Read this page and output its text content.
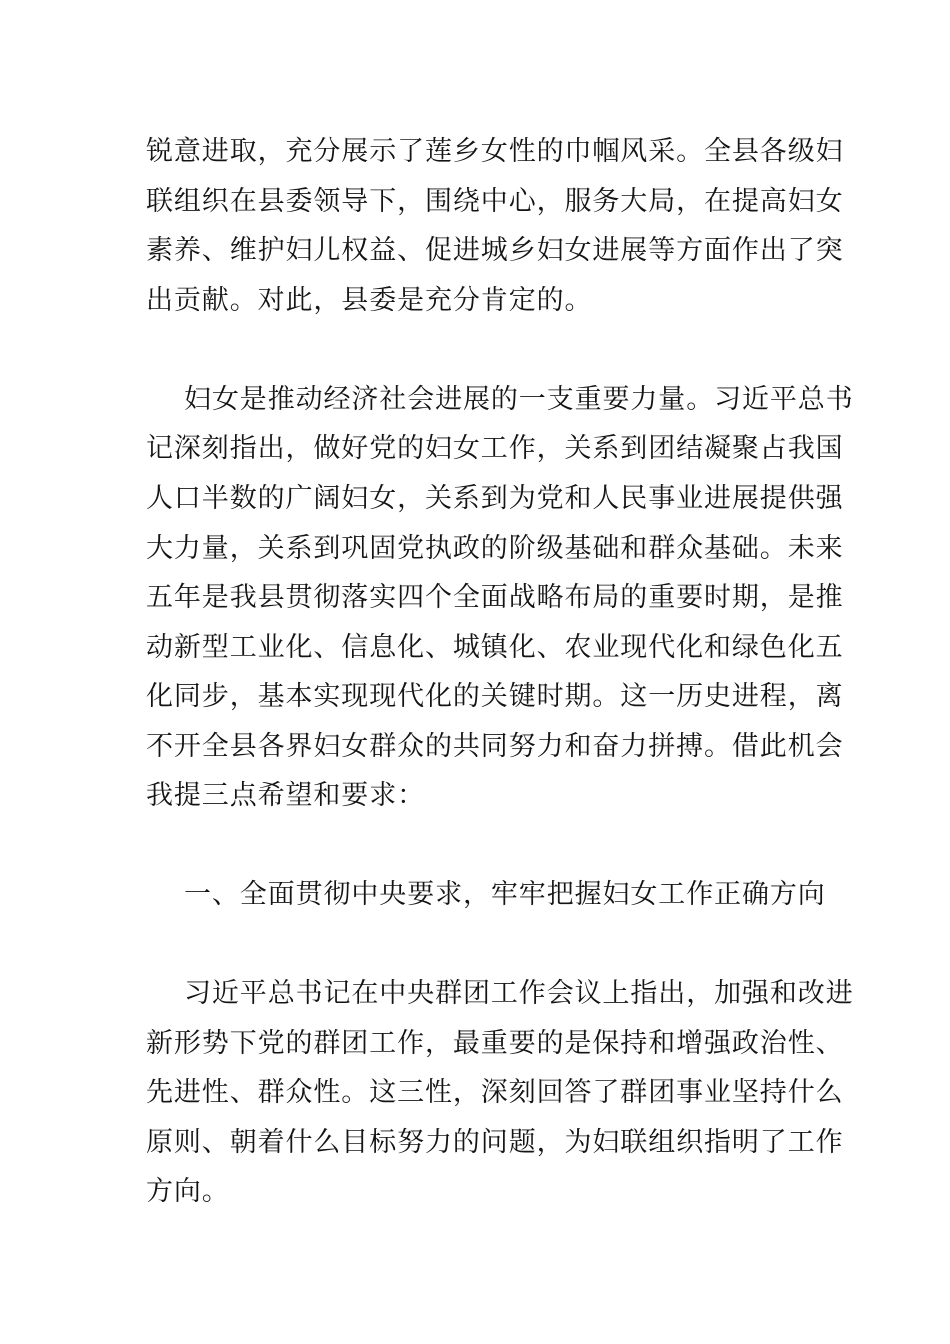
锐意进取，充分展示了莲乡女性的巾帼风采。全县各级妇
联组织在县委领导下，围绕中心，服务大局，在提高妇女
素养、维护妇儿权益、促进城乡妇女进展等方面作出了突
出贡献。对此，县委是充分肯定的。
妇女是推动经济社会进展的一支重要力量。习近平总书
记深刻指出，做好党的妇女工作，关系到团结凝聚占我国
人口半数的广阔妇女，关系到为党和人民事业进展提供强
大力量，关系到巩固党执政的阶级基础和群众基础。未来
五年是我县贯彻落实四个全面战略布局的重要时期，是推
动新型工业化、信息化、城镇化、农业现代化和绿色化五
化同步，基本实现现代化的关键时期。这一历史进程，离
不开全县各界妇女群众的共同努力和奋力拼搏。借此机会
我提三点希望和要求：
一、全面贯彻中央要求，牢牢把握妇女工作正确方向
习近平总书记在中央群团工作会议上指出，加强和改进
新形势下党的群团工作，最重要的是保持和增强政治性、
先进性、群众性。这三性，深刻回答了群团事业坚持什么
原则、朝着什么目标努力的问题，为妇联组织指明了工作
方向。
